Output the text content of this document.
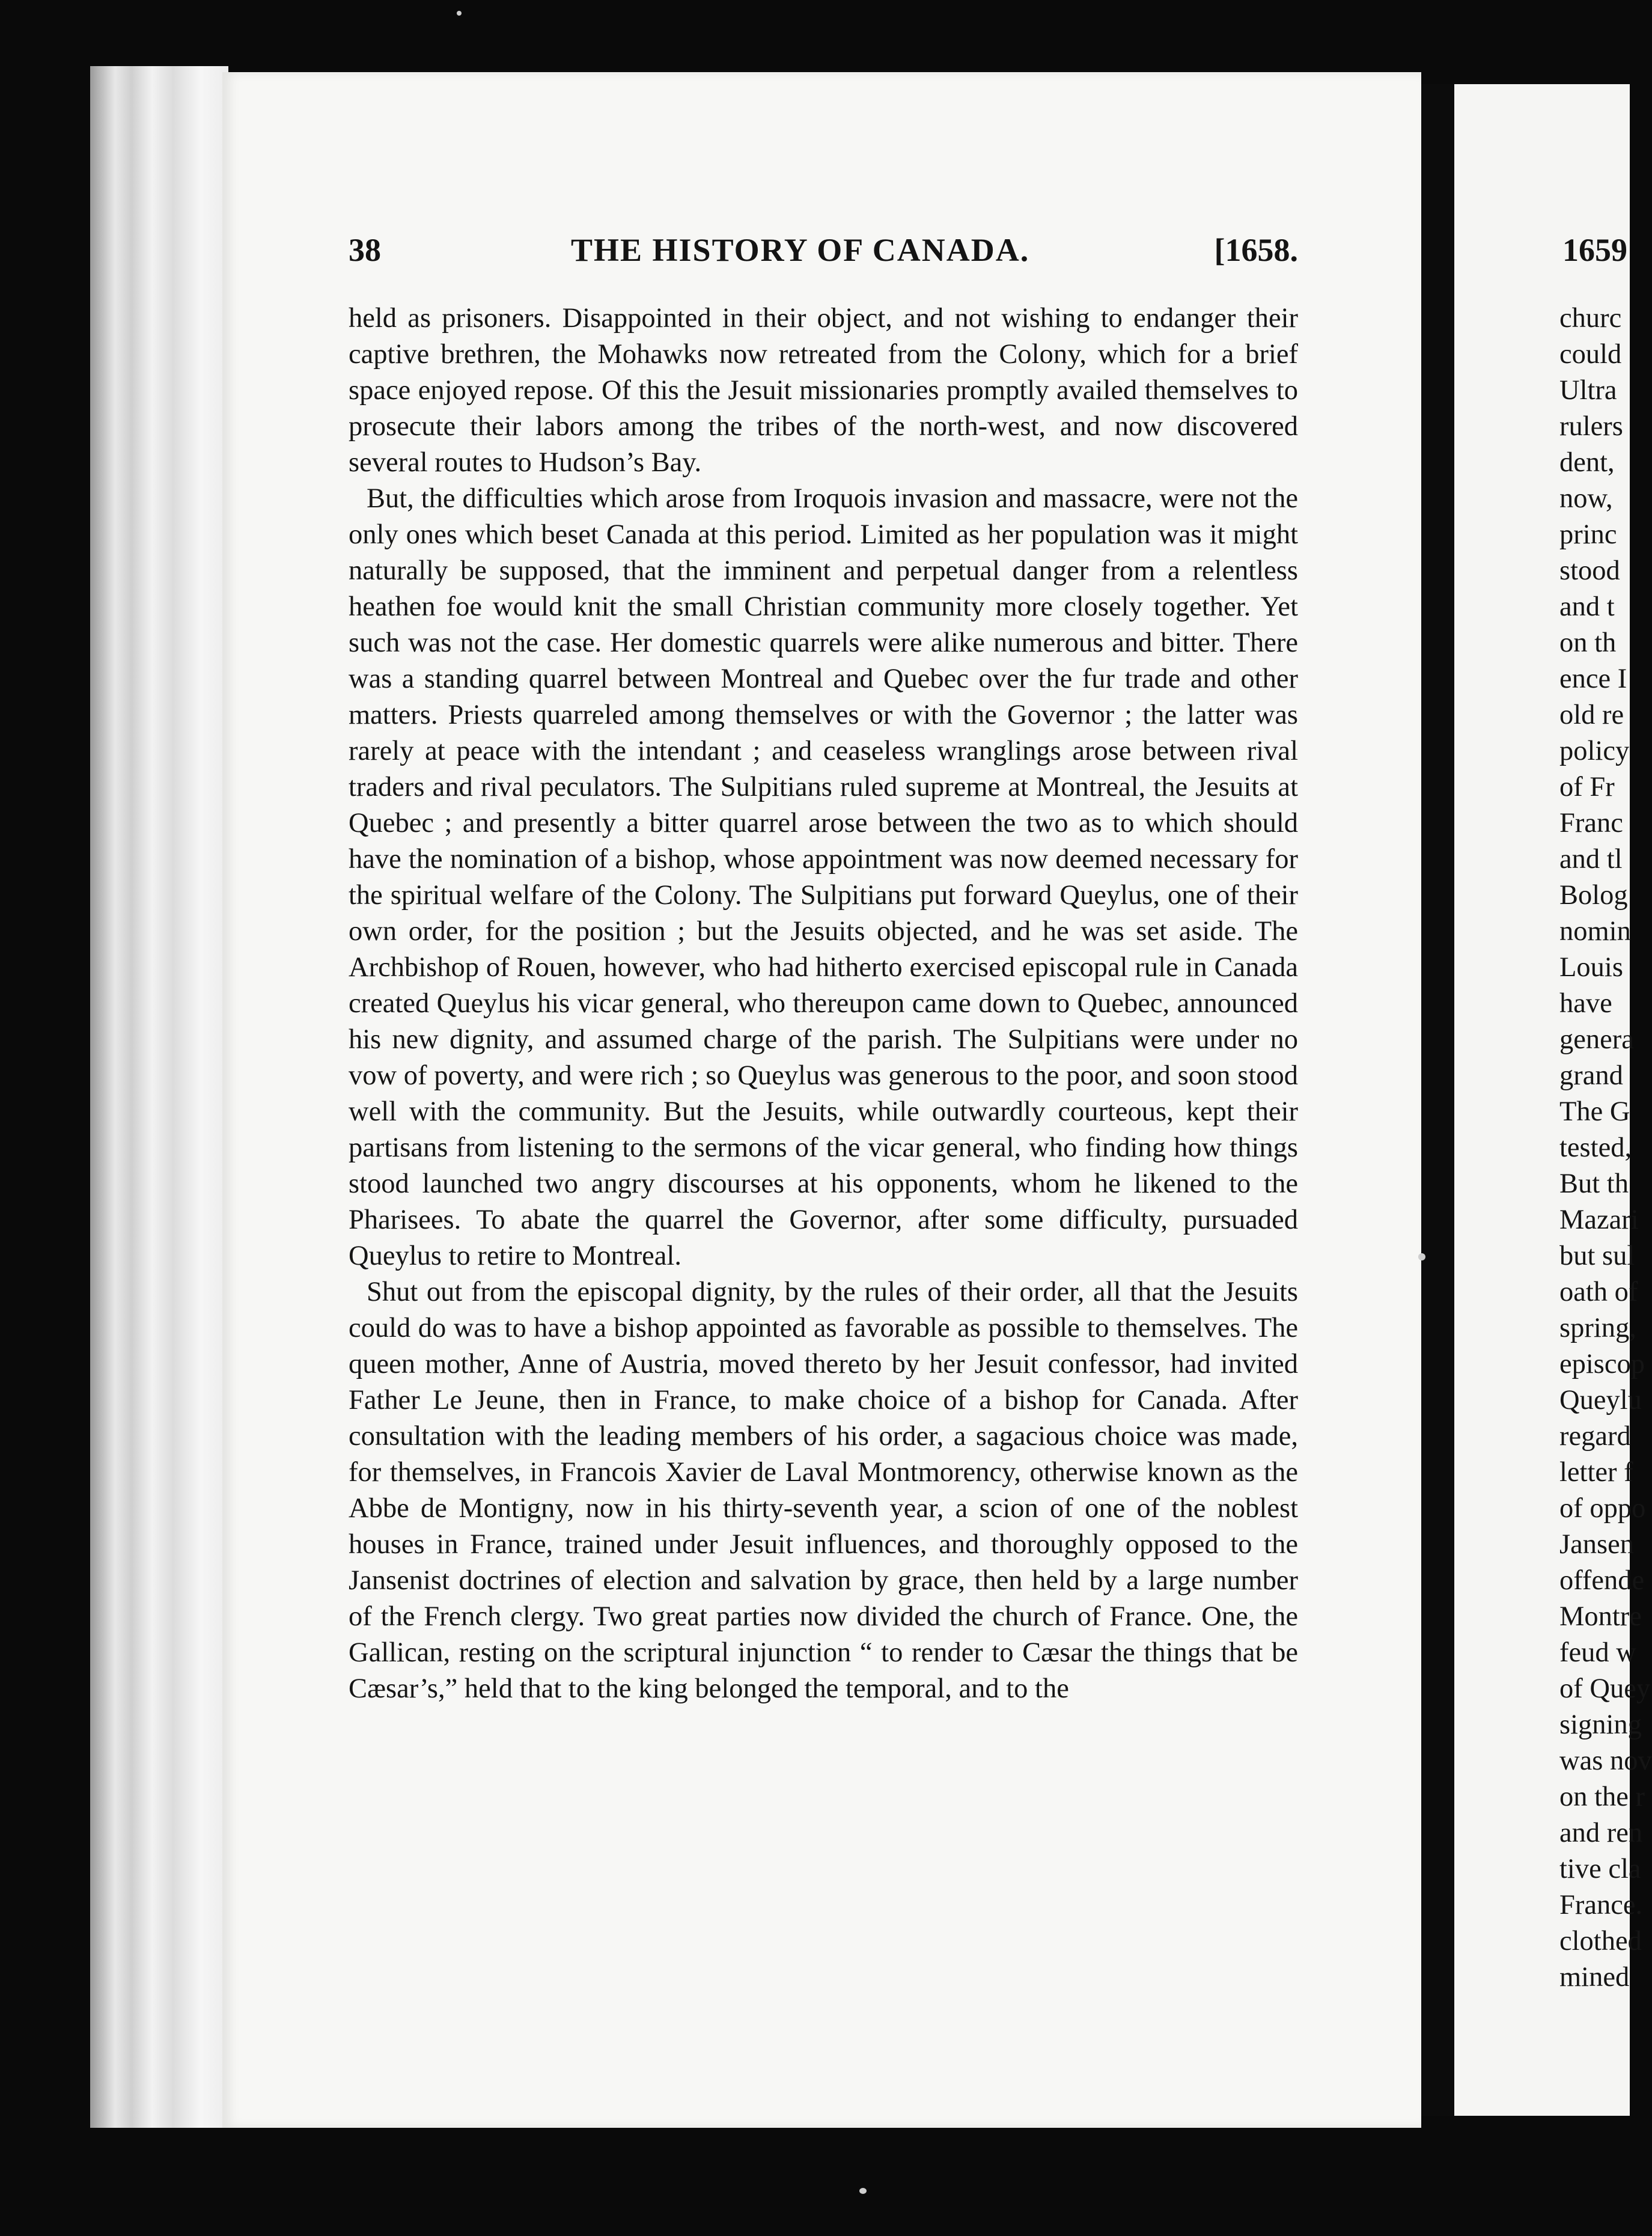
38	THE HISTORY OF CANADA.	[1658.

held as prisoners. Disappointed in their object, and not wishing to endanger their captive brethren, the Mohawks now retreated from the Colony, which for a brief space enjoyed repose. Of this the Jesuit missionaries promptly availed themselves to prosecute their labors among the tribes of the north-west, and now discovered several routes to Hudson’s Bay.

But, the difficulties which arose from Iroquois invasion and massacre, were not the only ones which beset Canada at this period. Limited as her population was it might naturally be supposed, that the imminent and perpetual danger from a relentless heathen foe would knit the small Christian community more closely together. Yet such was not the case. Her domestic quarrels were alike numerous and bitter. There was a standing quarrel between Montreal and Quebec over the fur trade and other matters. Priests quarreled among themselves or with the Governor ; the latter was rarely at peace with the intendant ; and ceaseless wranglings arose between rival traders and rival peculators. The Sulpitians ruled supreme at Montreal, the Jesuits at Quebec ; and presently a bitter quarrel arose between the two as to which should have the nomination of a bishop, whose appointment was now deemed necessary for the spiritual welfare of the Colony. The Sulpitians put forward Queylus, one of their own order, for the position ; but the Jesuits objected, and he was set aside. The Archbishop of Rouen, however, who had hitherto exercised episcopal rule in Canada created Queylus his vicar general, who thereupon came down to Quebec, announced his new dignity, and assumed charge of the parish. The Sulpitians were under no vow of poverty, and were rich ; so Queylus was generous to the poor, and soon stood well with the community. But the Jesuits, while outwardly courteous, kept their partisans from listening to the sermons of the vicar general, who finding how things stood launched two angry discourses at his opponents, whom he likened to the Pharisees. To abate the quarrel the Governor, after some difficulty, pursuaded Queylus to retire to Montreal.

Shut out from the episcopal dignity, by the rules of their order, all that the Jesuits could do was to have a bishop appointed as favorable as possible to themselves. The queen mother, Anne of Austria, moved thereto by her Jesuit confessor, had invited Father Le Jeune, then in France, to make choice of a bishop for Canada. After consultation with the leading members of his order, a sagacious choice was made, for themselves, in Francois Xavier de Laval Montmorency, otherwise known as the Abbe de Montigny, now in his thirty-seventh year, a scion of one of the noblest houses in France, trained under Jesuit influences, and thoroughly opposed to the Jansenist doctrines of election and salvation by grace, then held by a large number of the French clergy. Two great parties now divided the church of France. One, the Gallican, resting on the scriptural injunction “ to render to Cæsar the things that be Cæsar’s,” held that to the king belonged the temporal, and to the

1659
churc
could
Ultra
rulers
dent,
now,
princ
stood
and t
on th
ence I
old re
policy
of Fr
Franc
and tl
Bolog
nomin
Louis
have
genera
grand
The G
tested,
But th
Mazari
but sul
oath of
spring,
episcop
Queylu
regard
letter f
of oppo
Jansen
offende
Montre
feud w
of Quey
signing
was nov
on the r
and ren
tive cla
France.
clothed
mined
